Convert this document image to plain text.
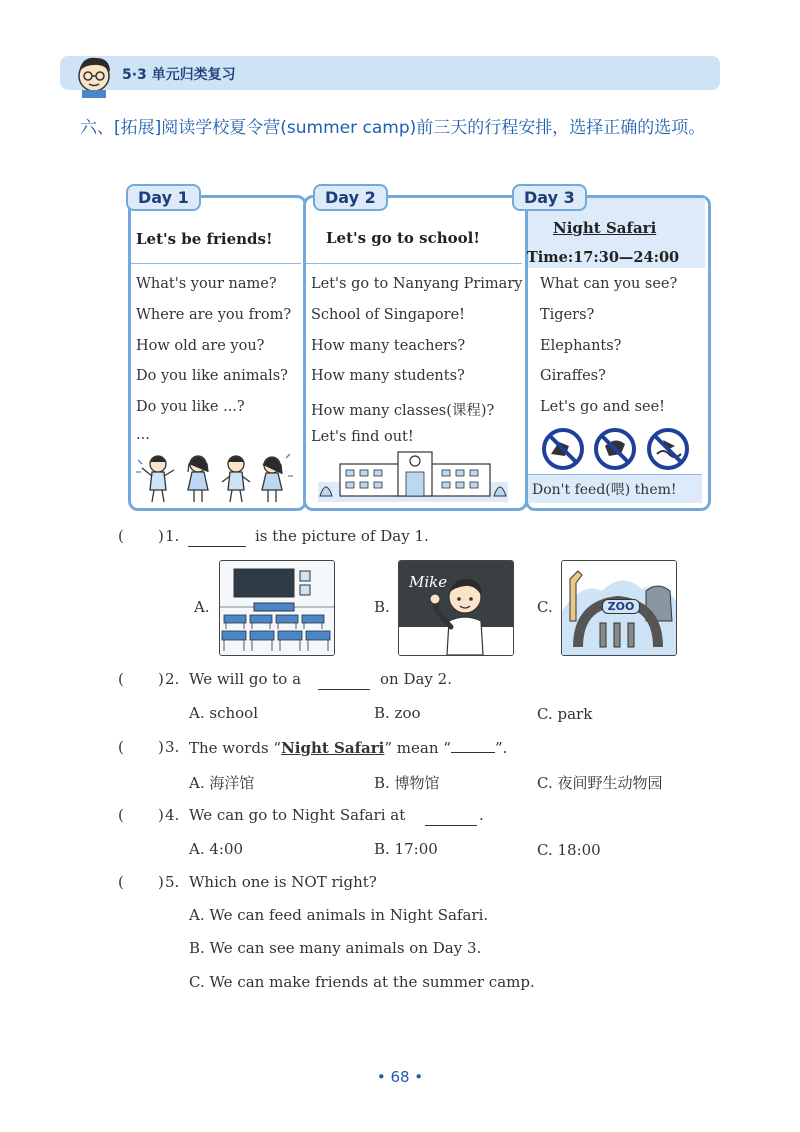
5·3 单元归类复习
六、[拓展]阅读学校夏令营(summer camp)前三天的行程安排，选择正确的选项。
Day 1
Let's be friends!
What's your name?
Where are you from?
How old are you?
Do you like animals?
Do you like ...?
...
Day 2
Let's go to school!
Let's go to Nanyang Primary
School of Singapore!
How many teachers?
How many students?
How many classes(课程)?
Let's find out!
Day 3
Night Safari
Time:17:30—24:00
What can you see?
Tigers?
Elephants?
Giraffes?
Let's go and see!
Don't feed(喂) them!
( ) 1.	is the picture of Day 1.
A.	B.
Mike
C.	ZOO
( ) 2. We will go to a	on Day 2.
A. school	B. zoo	C. park
( ) 3. The words “Night Safari” mean “	”.
A. 海洋馆	B. 博物馆	C. 夜间野生动物园
( ) 4. We can go to Night Safari at	.
A. 4:00	B. 17:00	C. 18:00
( ) 5. Which one is NOT right?
A. We can feed animals in Night Safari.
B. We can see many animals on Day 3.
C. We can make friends at the summer camp.
• 68 •
